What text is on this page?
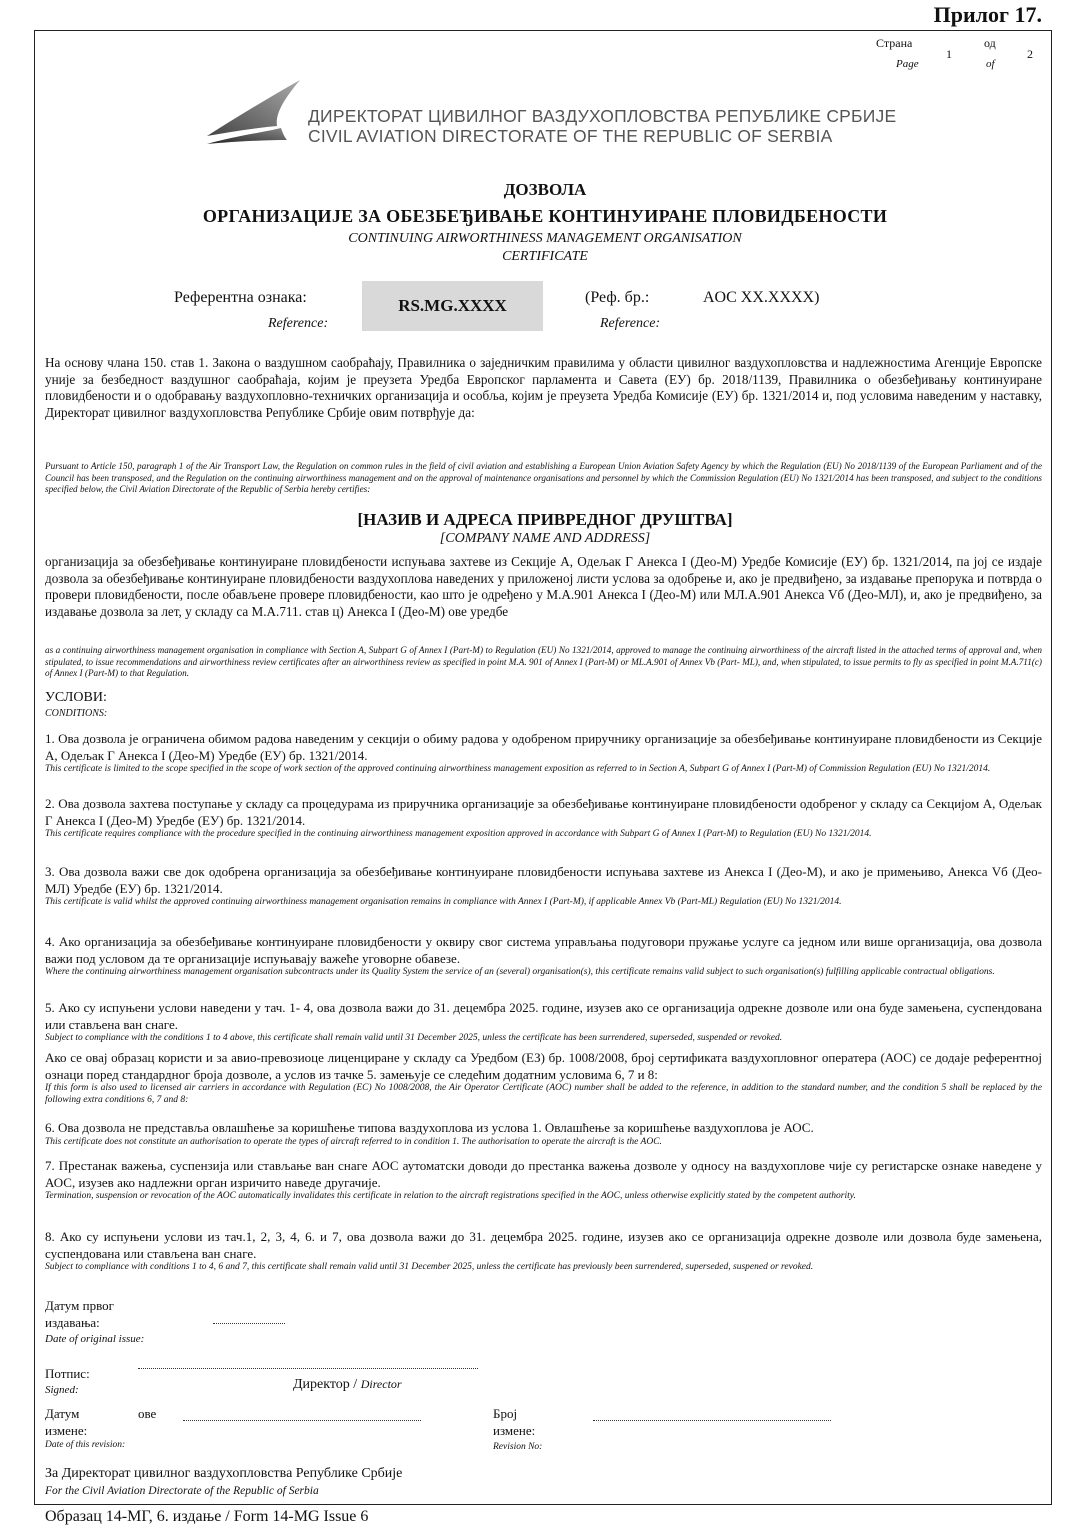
Прилог 17.
Страна
Page
1
од
of
2
ДИРЕКТОРАТ ЦИВИЛНОГ ВАЗДУХОПЛОВСТВА РЕПУБЛИКЕ СРБИЈЕ
CIVIL AVIATION DIRECTORATE OF THE REPUBLIC OF SERBIA
ДОЗВОЛА
ОРГАНИЗАЦИЈЕ ЗА ОБЕЗБЕЂИВАЊЕ КОНТИНУИРАНЕ ПЛОВИДБЕНОСТИ
CONTINUING AIRWORTHINESS MANAGEMENT ORGANISATION
CERTIFICATE
Референтна ознака:
Reference:
RS.MG.XXXX	(Реф. бр.:
Reference:
AOC XX.XXXX)
На основу члана 150. став 1. Закона о ваздушном саобраћају, Правилника о заједничким правилима у области цивилног ваздухопловства и надлежностима Агенције Европске уније за безбедност ваздушног саобраћаја, којим је преузета Уредба Европског парламента и Савета (ЕУ) бр. 2018/1139, Правилника о обезбеђивању континуиране пловидбености и о одобравању ваздухопловно-техничких организација и особља, којим је преузета Уредба Комисије (ЕУ) бр. 1321/2014 и, под условима наведеним у наставку, Директорат цивилног ваздухопловства Републике Србије овим потврђује да:
Pursuant to Article 150, paragraph 1 of the Air Transport Law, the Regulation on common rules in the field of civil aviation and establishing a European Union Aviation Safety Agency by which the Regulation (EU) No 2018/1139 of the European Parliament and of the Council has been transposed, and the Regulation on the continuing airworthiness management and on the approval of maintenance organisations and personnel by which the Commission Regulation (EU) No 1321/2014 has been transposed, and subject to the conditions specified below, the Civil Aviation Directorate of the Republic of Serbia hereby certifies:
[НАЗИВ И АДРЕСА ПРИВРЕДНОГ ДРУШТВА]
[COMPANY NAME AND ADDRESS]
организација за обезбеђивање континуиране пловидбености испуњава захтеве из Секције А, Одељак Г Анекса I (Део-М) Уредбе Комисије (ЕУ) бр. 1321/2014, па јој се издаје дозвола за обезбеђивање континуиране пловидбености ваздухоплова наведених у приложеној листи услова за одобрење и, ако је предвиђено, за издавање препорука и потврда о провери пловидбености, после обављене провере пловидбености, као што је одређено у М.А.901 Анекса I (Део-М) или МЛ.А.901 Анекса Vб (Део-МЛ), и, ако је предвиђено, за издавање дозвола за лет, у складу са М.А.711. став ц) Анекса I (Део-М) ове уредбе
as a continuing airworthiness management organisation in compliance with Section A, Subpart G of Annex I (Part-M) to Regulation (EU) No 1321/2014, approved to manage the continuing airworthiness of the aircraft listed in the attached terms of approval and, when stipulated, to issue recommendations and airworthiness review certificates after an airworthiness review as specified in point M.A. 901 of Annex I (Part-M) or ML.A.901 of Annex Vb (Part- ML), and, when stipulated, to issue permits to fly as specified in point M.A.711(c) of Annex I (Part-M) to that Regulation.
УСЛОВИ:
CONDITIONS:
1. Ова дозвола је ограничена обимом радова наведеним у секцији о обиму радова у одобреном приручнику организације за обезбеђивање континуиране пловидбености из Секције А, Одељак Г Анекса I (Део-М) Уредбе (ЕУ) бр. 1321/2014.
This certificate is limited to the scope specified in the scope of work section of the approved continuing airworthiness management exposition as referred to in Section A, Subpart G of Annex I (Part-M) of Commission Regulation (EU) No 1321/2014.
2. Ова дозвола захтева поступање у складу са процедурама из приручника организације за обезбеђивање континуиране пловидбености одобреног у складу са Секцијом А, Одељак Г Анекса I (Део-М) Уредбе (ЕУ) бр. 1321/2014.
This certificate requires compliance with the procedure specified in the continuing airworthiness management exposition approved in accordance with Subpart G of Annex I (Part-M) to Regulation (EU) No 1321/2014.
3. Ова дозвола важи све док одобрена организација за обезбеђивање континуиране пловидбености испуњава захтеве из Анекса I (Део-М), и ако је примењиво, Анекса Vб (Део-МЛ) Уредбе (ЕУ) бр. 1321/2014.
This certificate is valid whilst the approved continuing airworthiness management organisation remains in compliance with Annex I (Part-M), if applicable Annex Vb (Part-ML) Regulation (EU) No 1321/2014.
4. Ако организација за обезбеђивање континуиране пловидбености у оквиру свог система управљања подуговори пружање услуге са једном или више организација, ова дозвола важи под условом да те организације испуњавају важеће уговорне обавезе.
Where the continuing airworthiness management organisation subcontracts under its Quality System the service of an (several) organisation(s), this certificate remains valid subject to such organisation(s) fulfilling applicable contractual obligations.
5. Ако су испуњени услови наведени у тач. 1- 4, ова дозвола важи до 31. децембра 2025. године, изузев ако се организација одрекне дозволе или она буде замењена, суспендована или стављена ван снаге.
Subject to compliance with the conditions 1 to 4 above, this certificate shall remain valid until 31 December 2025, unless the certificate has been surrendered, superseded, suspended or revoked.
Ако се овај образац користи и за авио-превозиоце лиценциране у складу са Уредбом (ЕЗ) бр. 1008/2008, број сертификата ваздухопловног оператера (АОС) се додаје референтној ознаци поред стандардног броја дозволе, а услов из тачке 5. замењује се следећим додатним условима 6, 7 и 8:
If this form is also used to licensed air carriers in accordance with Regulation (EC) No 1008/2008, the Air Operator Certificate (AOC) number shall be added to the reference, in addition to the standard number, and the condition 5 shall be replaced by the following extra conditions 6, 7 and 8:
6. Ова дозвола не представља овлашћење за коришћење типова ваздухоплова из услова 1. Овлашћење за коришћење ваздухоплова је АОС.
This certificate does not constitute an authorisation to operate the types of aircraft referred to in condition 1. The authorisation to operate the aircraft is the AOC.
7. Престанак важења, суспензија или стављање ван снаге АОС аутоматски доводи до престанка важења дозволе у односу на ваздухоплове чије су регистарске ознаке наведене у АОС, изузев ако надлежни орган изричито наведе другачије.
Termination, suspension or revocation of the AOC automatically invalidates this certificate in relation to the aircraft registrations specified in the AOC, unless otherwise explicitly stated by the competent authority.
8. Ако су испуњени услови из тач.1, 2, 3, 4, 6. и 7, ова дозвола важи до 31. децембра 2025. године, изузев ако се организација одрекне дозволе или дозвола буде замењена, суспендована или стављена ван снаге.
Subject to compliance with conditions 1 to 4, 6 and 7, this certificate shall remain valid until 31 December 2025, unless the certificate has previously been surrendered, superseded, suspened or revoked.
Датум првог
издавања:
Date of original issue:
Потпис:
Signed:	Директор / Director
Датум	ове
измене:
Date of this revision:
Број
измене:
Revision No:
За Директорат цивилног ваздухопловства Републике Србије
For the Civil Aviation Directorate of the Republic of Serbia
Образац 14-МГ, 6. издање / Form 14-MG Issue 6
